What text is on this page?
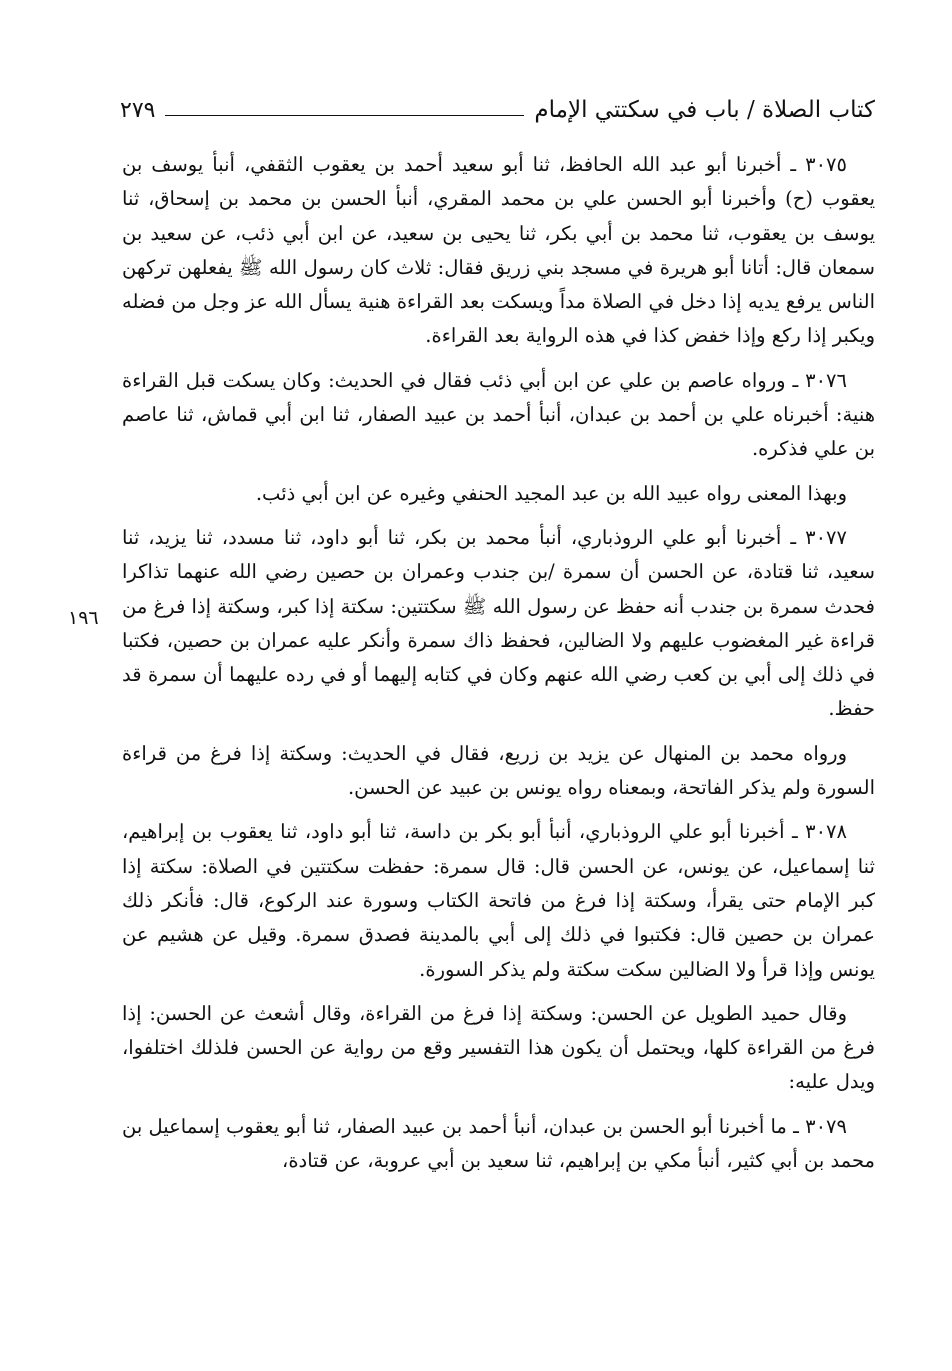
كتاب الصلاة / باب في سكتتي الإمام
٢٧٩
١٩٦

٣٠٧٥ ـ أخبرنا أبو عبد الله الحافظ، ثنا أبو سعيد أحمد بن يعقوب الثقفي، أنبأ يوسف بن يعقوب (ح) وأخبرنا أبو الحسن علي بن محمد المقري، أنبأ الحسن بن محمد بن إسحاق، ثنا يوسف بن يعقوب، ثنا محمد بن أبي بكر، ثنا يحيى بن سعيد، عن ابن أبي ذئب، عن سعيد بن سمعان قال: أتانا أبو هريرة في مسجد بني زريق فقال: ثلاث كان رسول الله ﷺ يفعلهن تركهن الناس يرفع يديه إذا دخل في الصلاة مداً ويسكت بعد القراءة هنية يسأل الله عز وجل من فضله ويكبر إذا ركع وإذا خفض كذا في هذه الرواية بعد القراءة.

٣٠٧٦ ـ ورواه عاصم بن علي عن ابن أبي ذئب فقال في الحديث: وكان يسكت قبل القراءة هنية: أخبرناه علي بن أحمد بن عبدان، أنبأ أحمد بن عبيد الصفار، ثنا ابن أبي قماش، ثنا عاصم بن علي فذكره.

وبهذا المعنى رواه عبيد الله بن عبد المجيد الحنفي وغيره عن ابن أبي ذئب.

٣٠٧٧ ـ أخبرنا أبو علي الروذباري، أنبأ محمد بن بكر، ثنا أبو داود، ثنا مسدد، ثنا يزيد، ثنا سعيد، ثنا قتادة، عن الحسن أن سمرة /بن جندب وعمران بن حصين رضي الله عنهما تذاكرا فحدث سمرة بن جندب أنه حفظ عن رسول الله ﷺ سكتتين: سكتة إذا كبر، وسكتة إذا فرغ من قراءة غير المغضوب عليهم ولا الضالين، فحفظ ذاك سمرة وأنكر عليه عمران بن حصين، فكتبا في ذلك إلى أبي بن كعب رضي الله عنهم وكان في كتابه إليهما أو في رده عليهما أن سمرة قد حفظ.

ورواه محمد بن المنهال عن يزيد بن زريع، فقال في الحديث: وسكتة إذا فرغ من قراءة السورة ولم يذكر الفاتحة، وبمعناه رواه يونس بن عبيد عن الحسن.

٣٠٧٨ ـ أخبرنا أبو علي الروذباري، أنبأ أبو بكر بن داسة، ثنا أبو داود، ثنا يعقوب بن إبراهيم، ثنا إسماعيل، عن يونس، عن الحسن قال: قال سمرة: حفظت سكتتين في الصلاة: سكتة إذا كبر الإمام حتى يقرأ، وسكتة إذا فرغ من فاتحة الكتاب وسورة عند الركوع، قال: فأنكر ذلك عمران بن حصين قال: فكتبوا في ذلك إلى أبي بالمدينة فصدق سمرة. وقيل عن هشيم عن يونس وإذا قرأ ولا الضالين سكت سكتة ولم يذكر السورة.

وقال حميد الطويل عن الحسن: وسكتة إذا فرغ من القراءة، وقال أشعث عن الحسن: إذا فرغ من القراءة كلها، ويحتمل أن يكون هذا التفسير وقع من رواية عن الحسن فلذلك اختلفوا، ويدل عليه:

٣٠٧٩ ـ ما أخبرنا أبو الحسن بن عبدان، أنبأ أحمد بن عبيد الصفار، ثنا أبو يعقوب إسماعيل بن محمد بن أبي كثير، أنبأ مكي بن إبراهيم، ثنا سعيد بن أبي عروبة، عن قتادة،
